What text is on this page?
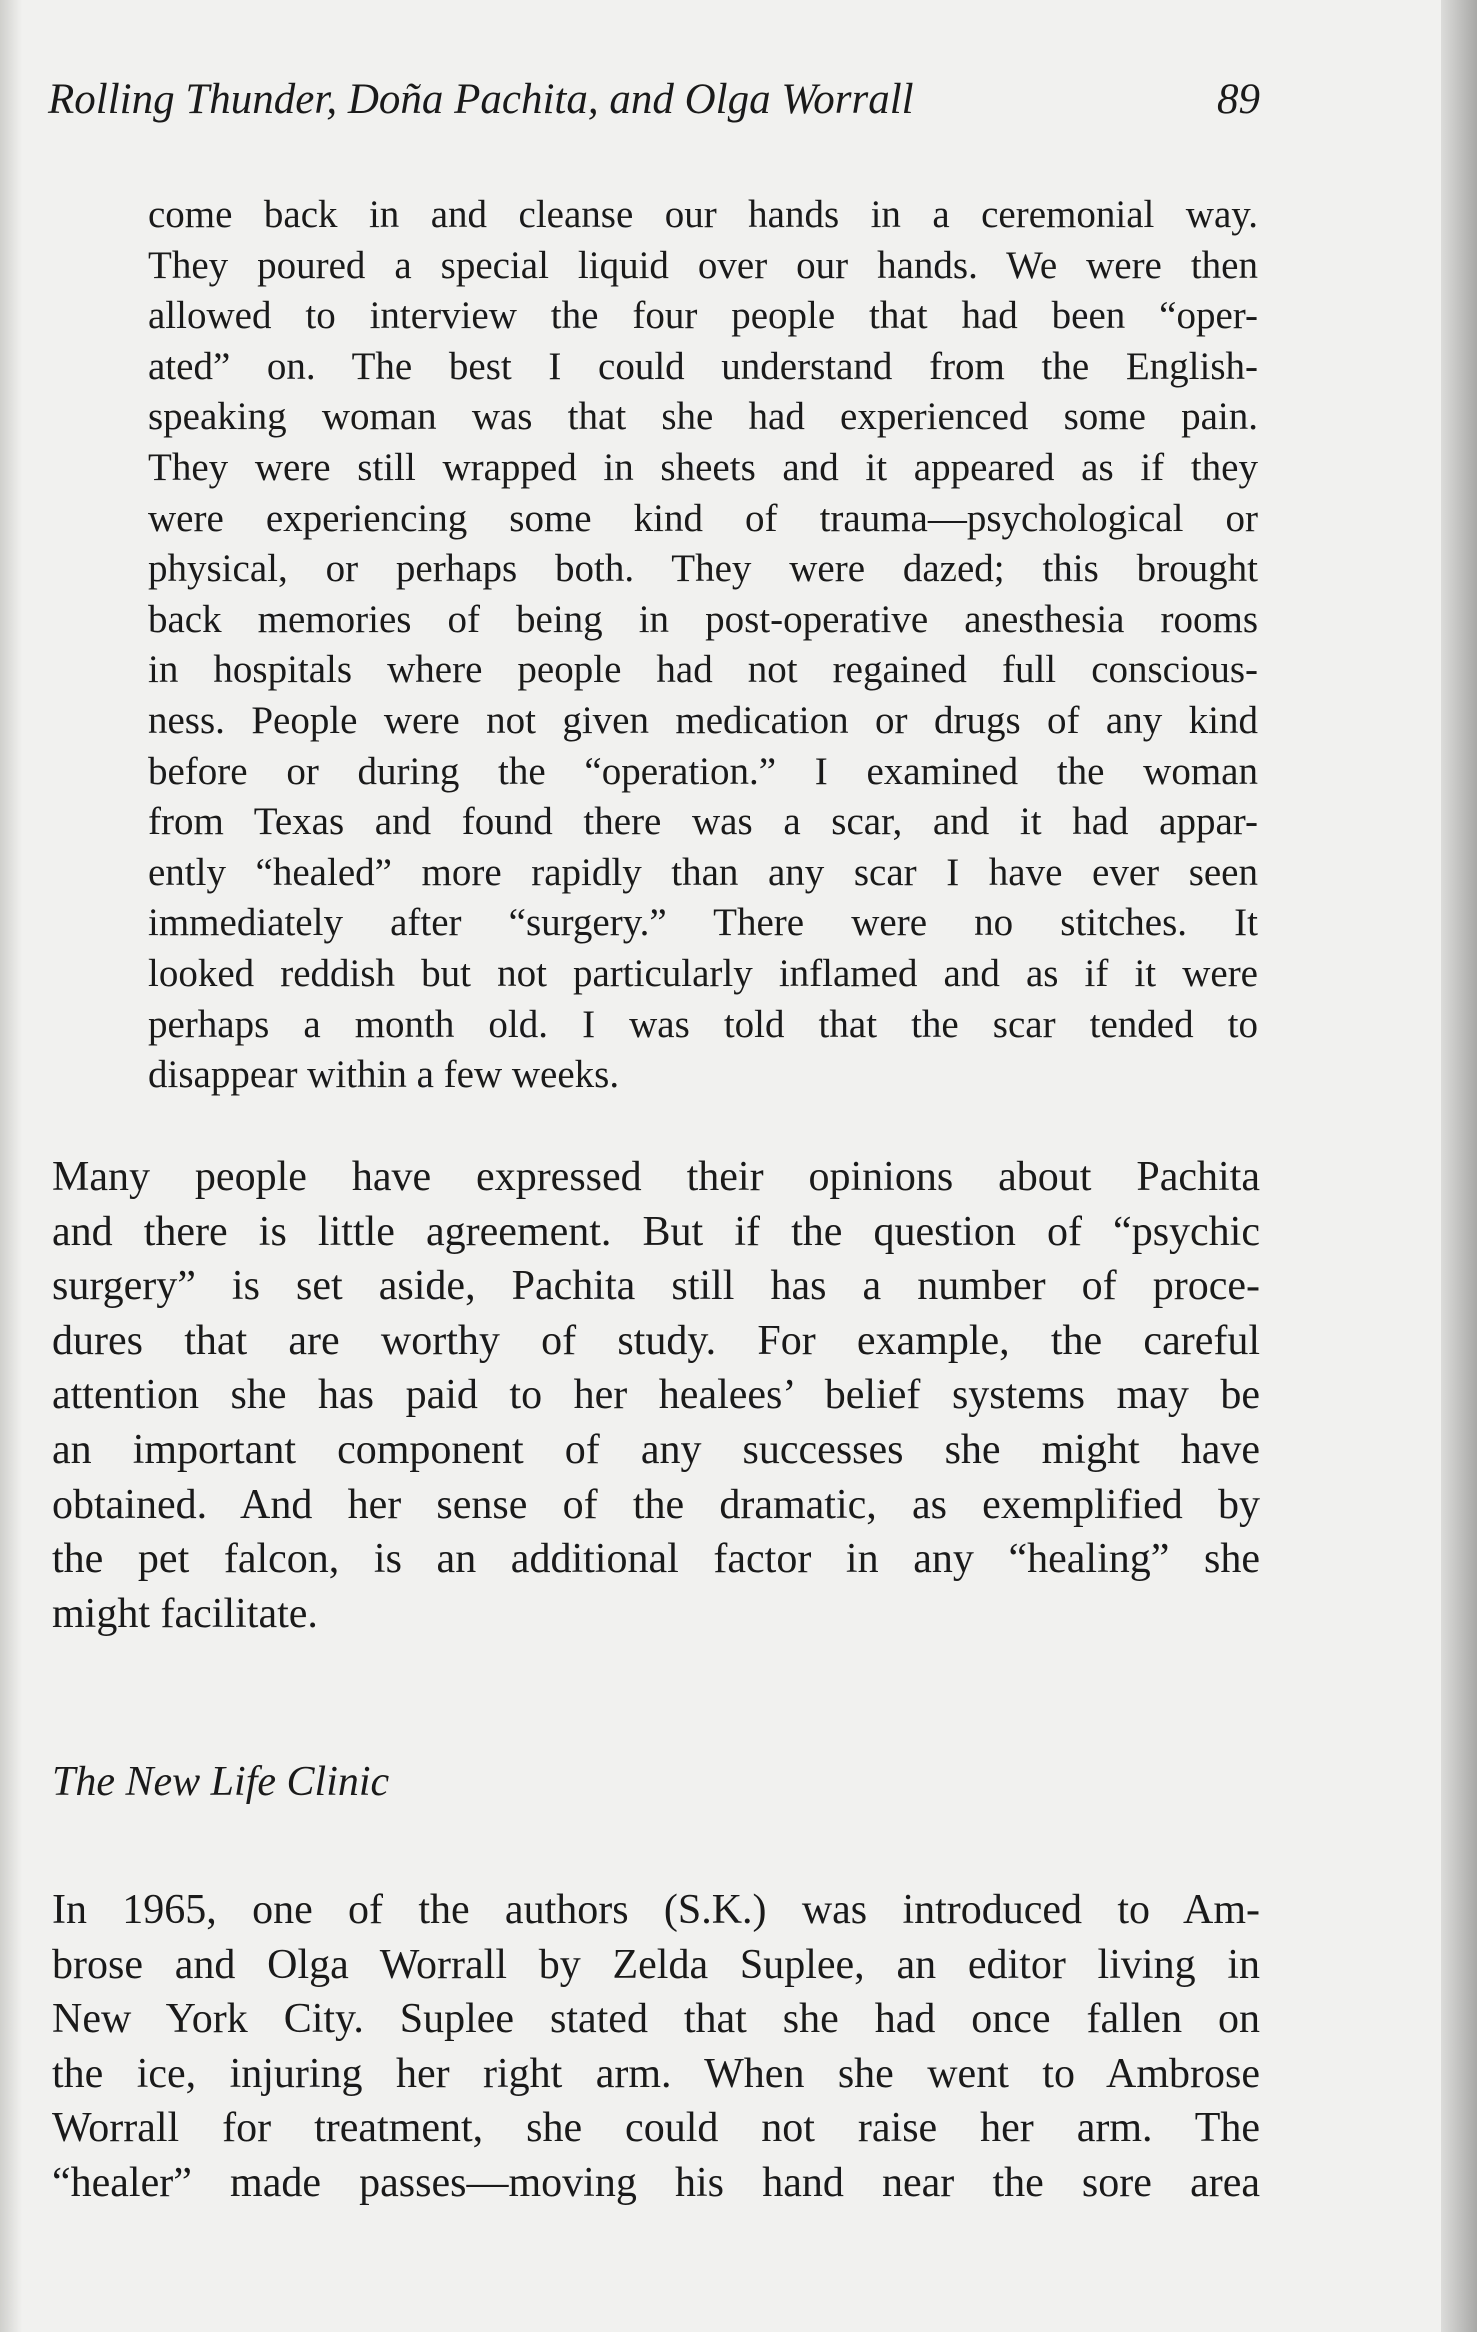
Rolling Thunder, Doña Pachita, and Olga Worrall	89
come back in and cleanse our hands in a ceremonial way.
They poured a special liquid over our hands. We were then
allowed to interview the four people that had been “oper-
ated” on. The best I could understand from the English-
speaking woman was that she had experienced some pain.
They were still wrapped in sheets and it appeared as if they
were experiencing some kind of trauma—psychological or
physical, or perhaps both. They were dazed; this brought
back memories of being in post-operative anesthesia rooms
in hospitals where people had not regained full conscious-
ness. People were not given medication or drugs of any kind
before or during the “operation.” I examined the woman
from Texas and found there was a scar, and it had appar-
ently “healed” more rapidly than any scar I have ever seen
immediately after “surgery.” There were no stitches. It
looked reddish but not particularly inflamed and as if it were
perhaps a month old. I was told that the scar tended to
disappear within a few weeks.
Many people have expressed their opinions about Pachita
and there is little agreement. But if the question of “psychic
surgery” is set aside, Pachita still has a number of proce-
dures that are worthy of study. For example, the careful
attention she has paid to her healees’ belief systems may be
an important component of any successes she might have
obtained. And her sense of the dramatic, as exemplified by
the pet falcon, is an additional factor in any “healing” she
might facilitate.
The New Life Clinic
In 1965, one of the authors (S.K.) was introduced to Am-
brose and Olga Worrall by Zelda Suplee, an editor living in
New York City. Suplee stated that she had once fallen on
the ice, injuring her right arm. When she went to Ambrose
Worrall for treatment, she could not raise her arm. The
“healer” made passes—moving his hand near the sore area
